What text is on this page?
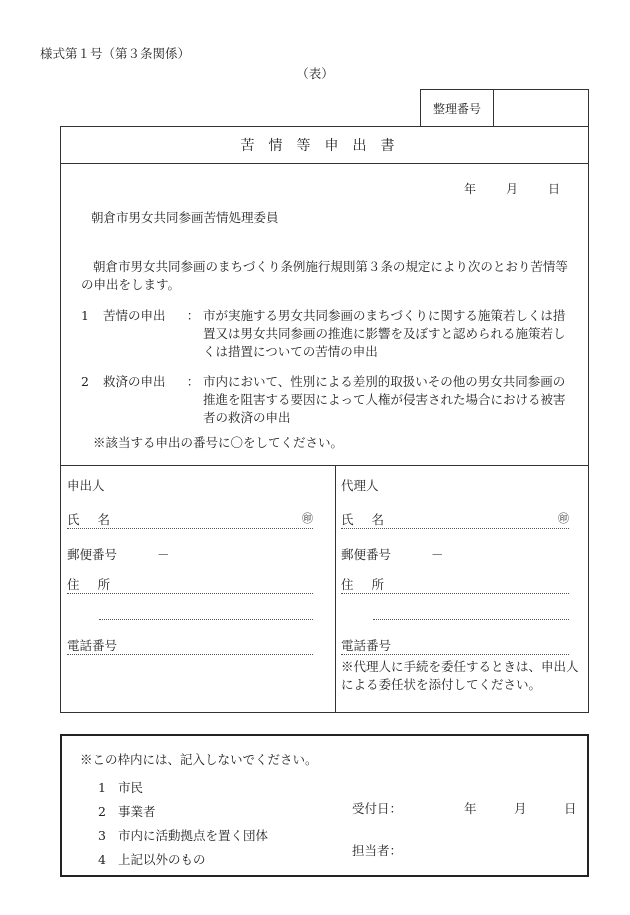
様式第１号（第３条関係）
（表）
整理番号
苦情等申出書
年	月	日
朝倉市男女共同参画苦情処理委員
朝倉市男女共同参画のまちづくり条例施行規則第３条の規定により次のとおり苦情等の申出をします。
1	苦情の申出	： 市が実施する男女共同参画のまちづくりに関する施策若しくは措置又は男女共同参画の推進に影響を及ぼすと認められる施策若しくは措置についての苦情の申出
2	救済の申出	： 市内において、性別による差別的取扱いその他の男女共同参画の推進を阻害する要因によって人権が侵害された場合における被害者の救済の申出
※該当する申出の番号に〇をしてください。
申出人
氏名	㊞
郵便番号	－
住所
電話番号
代理人
氏名	㊞
郵便番号	－
住所
電話番号
※代理人に手続を委任するときは、申出人による委任状を添付してください。
※この枠内には、記入しないでください。
1 市民
2 事業者
3 市内に活動拠点を置く団体
4 上記以外のもの
受付日：	年	月	日
担当者：
